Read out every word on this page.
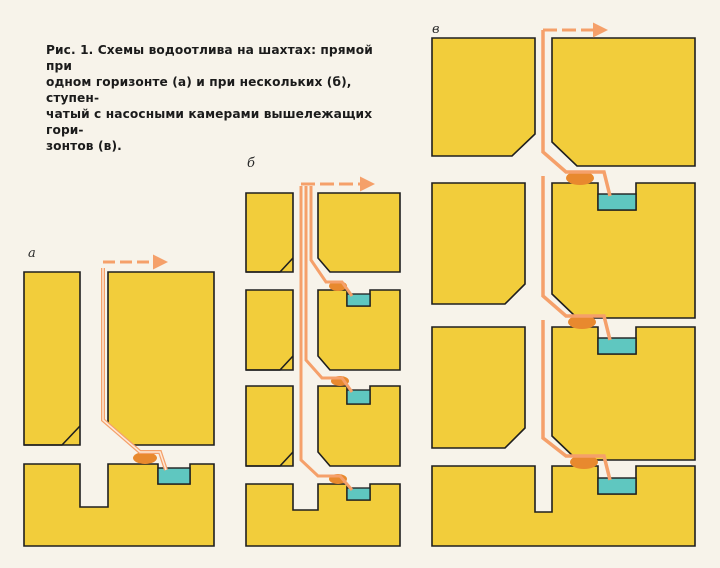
Рис. 1. Схемы водоотлива на шахтах: прямой при
одном горизонте (а) и при нескольких (б), ступен-
чатый с насосными камерами вышележащих гори-
зонтов (в).
а
б
в
